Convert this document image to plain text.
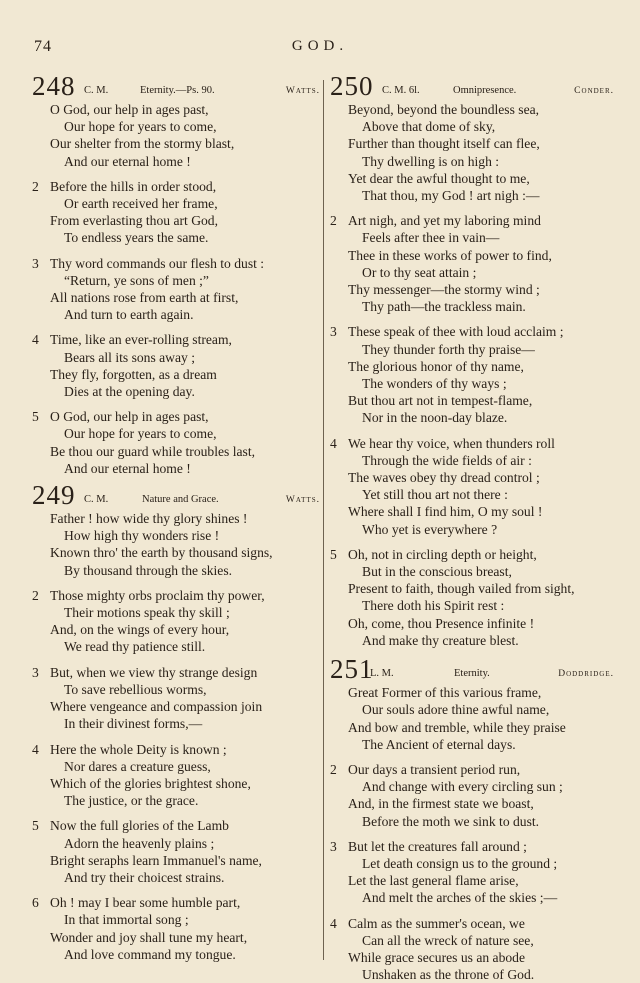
74	GOD.
248 C. M.	Eternity.—Ps. 90.	Watts.
O God, our help in ages past,
Our hope for years to come,
Our shelter from the stormy blast,
And our eternal home !
2 Before the hills in order stood,
Or earth received her frame,
From everlasting thou art God,
To endless years the same.
3 Thy word commands our flesh to dust :
“Return, ye sons of men ;”
All nations rose from earth at first,
And turn to earth again.
4 Time, like an ever-rolling stream,
Bears all its sons away ;
They fly, forgotten, as a dream
Dies at the opening day.
5 O God, our help in ages past,
Our hope for years to come,
Be thou our guard while troubles last,
And our eternal home !
249 C. M.	Nature and Grace.	Watts.
Father ! how wide thy glory shines !
How high thy wonders rise !
Known thro' the earth by thousand signs,
By thousand through the skies.
2 Those mighty orbs proclaim thy power,
Their motions speak thy skill ;
And, on the wings of every hour,
We read thy patience still.
3 But, when we view thy strange design
To save rebellious worms,
Where vengeance and compassion join
In their divinest forms,—
4 Here the whole Deity is known ;
Nor dares a creature guess,
Which of the glories brightest shone,
The justice, or the grace.
5 Now the full glories of the Lamb
Adorn the heavenly plains ;
Bright seraphs learn Immanuel's name,
And try their choicest strains.
6 Oh ! may I bear some humble part,
In that immortal song ;
Wonder and joy shall tune my heart,
And love command my tongue.
250 C. M. 6l.	Omnipresence.	Conder.
Beyond, beyond the boundless sea,
Above that dome of sky,
Further than thought itself can flee,
Thy dwelling is on high :
Yet dear the awful thought to me,
That thou, my God ! art nigh :—
2 Art nigh, and yet my laboring mind
Feels after thee in vain—
Thee in these works of power to find,
Or to thy seat attain ;
Thy messenger—the stormy wind ;
Thy path—the trackless main.
3 These speak of thee with loud acclaim ;
They thunder forth thy praise—
The glorious honor of thy name,
The wonders of thy ways ;
But thou art not in tempest-flame,
Nor in the noon-day blaze.
4 We hear thy voice, when thunders roll
Through the wide fields of air :
The waves obey thy dread control ;
Yet still thou art not there :
Where shall I find him, O my soul !
Who yet is everywhere ?
5 Oh, not in circling depth or height,
But in the conscious breast,
Present to faith, though vailed from sight,
There doth his Spirit rest :
Oh, come, thou Presence infinite !
And make thy creature blest.
251
L. M.	Eternity.	Doddridge.
Great Former of this various frame,
Our souls adore thine awful name,
And bow and tremble, while they praise
The Ancient of eternal days.
2 Our days a transient period run,
And change with every circling sun ;
And, in the firmest state we boast,
Before the moth we sink to dust.
3 But let the creatures fall around ;
Let death consign us to the ground ;
Let the last general flame arise,
And melt the arches of the skies ;—
4 Calm as the summer's ocean, we
Can all the wreck of nature see,
While grace secures us an abode
Unshaken as the throne of God.
